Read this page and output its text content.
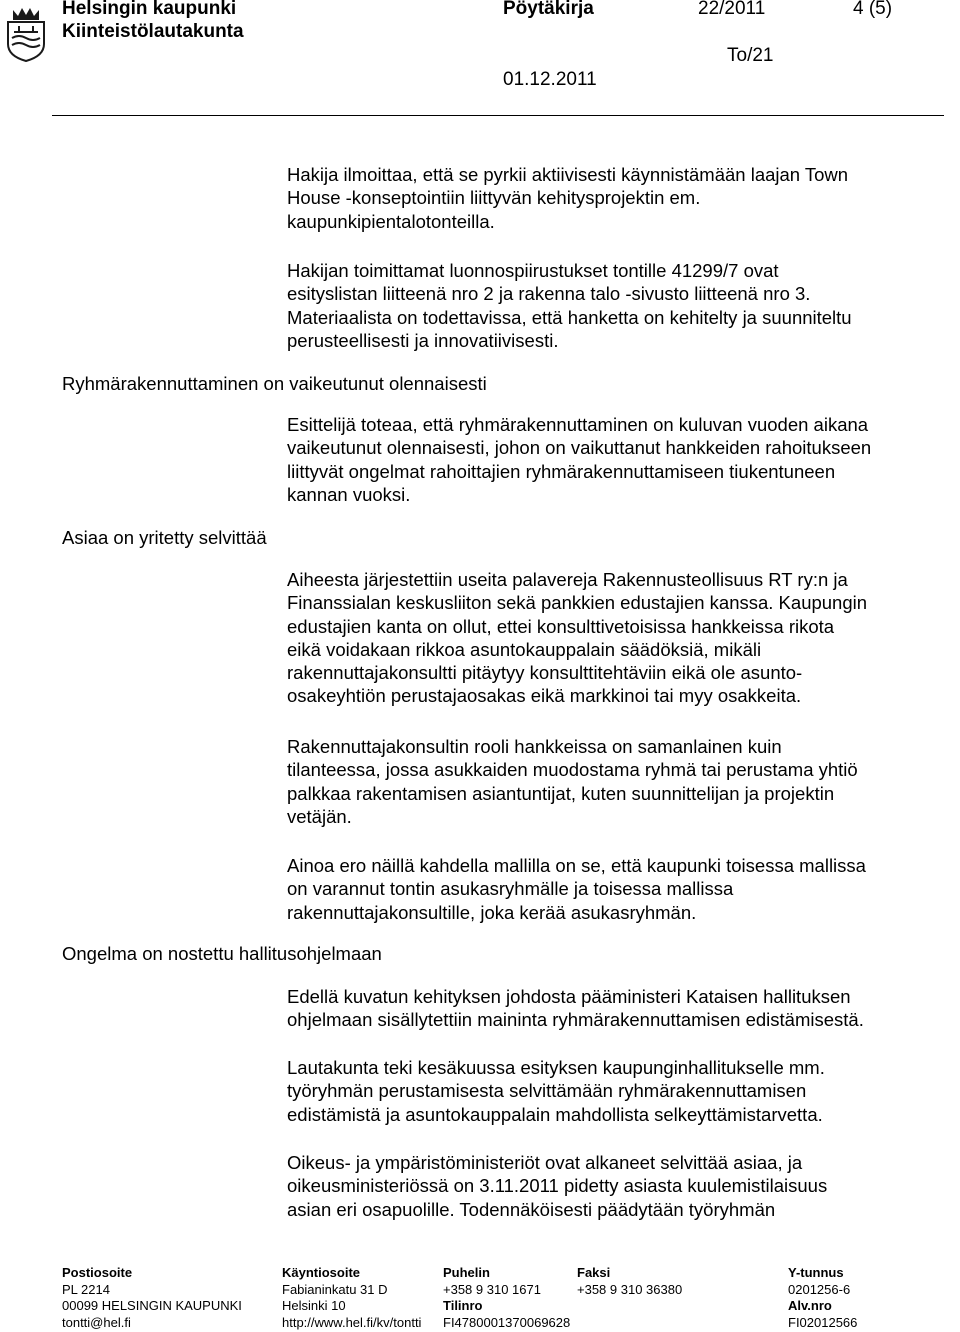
Helsingin kaupunki
Kiinteistölautakunta
Pöytäkirja	22/2011	4 (5)
To/21
01.12.2011
Hakija ilmoittaa, että se pyrkii aktiivisesti käynnistämään laajan Town
House -konseptointiin liittyvän kehitysprojektin em.
kaupunkipientalotonteilla.
Hakijan toimittamat luonnospiirustukset tontille 41299/7 ovat
esityslistan liitteenä nro 2 ja rakenna talo -sivusto liitteenä nro 3.
Materiaalista on todettavissa, että hanketta on kehitelty ja suunniteltu
perusteellisesti ja innovatiivisesti.
Ryhmärakennuttaminen on vaikeutunut olennaisesti
Esittelijä toteaa, että ryhmärakennuttaminen on kuluvan vuoden aikana
vaikeutunut olennaisesti, johon on vaikuttanut hankkeiden rahoitukseen
liittyvät ongelmat rahoittajien ryhmärakennuttamiseen tiukentuneen
kannan vuoksi.
Asiaa on yritetty selvittää
Aiheesta järjestettiin useita palavereja Rakennusteollisuus RT ry:n ja
Finanssialan keskusliiton sekä pankkien edustajien kanssa. Kaupungin
edustajien kanta on ollut, ettei konsulttivetoisissa hankkeissa rikota
eikä voidakaan rikkoa asuntokauppalain säädöksiä, mikäli
rakennuttajakonsultti pitäytyy konsulttitehtäviin eikä ole asunto-
osakeyhtiön perustajaosakas eikä markkinoi tai myy osakkeita.
Rakennuttajakonsultin rooli hankkeissa on samanlainen kuin
tilanteessa, jossa asukkaiden muodostama ryhmä tai perustama yhtiö
palkkaa rakentamisen asiantuntijat, kuten suunnittelijan ja projektin
vetäjän.
Ainoa ero näillä kahdella mallilla on se, että kaupunki toisessa mallissa
on varannut tontin asukasryhmälle ja toisessa mallissa
rakennuttajakonsultille, joka kerää asukasryhmän.
Ongelma on nostettu hallitusohjelmaan
Edellä kuvatun kehityksen johdosta pääministeri Kataisen hallituksen
ohjelmaan sisällytettiin maininta ryhmärakennuttamisen edistämisestä.
Lautakunta teki kesäkuussa esityksen kaupunginhallitukselle mm.
työryhmän perustamisesta selvittämään ryhmärakennuttamisen
edistämistä ja asuntokauppalain mahdollista selkeyttämistarvetta.
Oikeus- ja ympäristöministeriöt ovat alkaneet selvittää asiaa, ja
oikeusministeriössä on 3.11.2011 pidetty asiasta kuulemistilaisuus
asian eri osapuolille. Todennäköisesti päädytään työryhmän
Postiosoite
PL 2214
00099 HELSINGIN KAUPUNKI
tontti@hel.fi
Käyntiosoite
Fabianinkatu 31 D
Helsinki 10
http://www.hel.fi/kv/tontti
Puhelin
+358 9 310 1671
Tilinro
FI4780001370069628
Faksi
+358 9 310 36380
Y-tunnus
0201256-6
Alv.nro
FI02012566
